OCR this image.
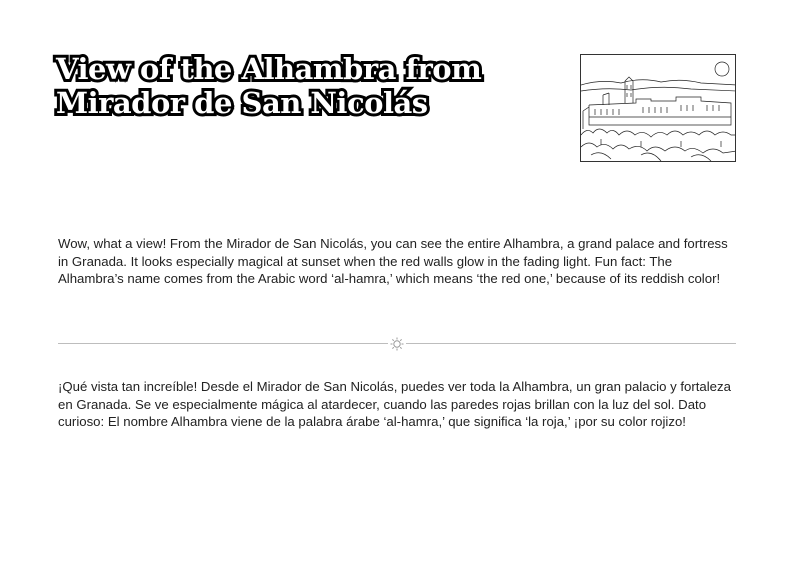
View of the Alhambra from
Mirador de San Nicolás
Wow, what a view! From the Mirador de San Nicolás, you can see the entire Alhambra, a grand palace and fortress in Granada. It looks especially magical at sunset when the red walls glow in the fading light. Fun fact: The Alhambra’s name comes from the Arabic word ‘al-hamra,’ which means ‘the red one,’ because of its reddish color!
¡Qué vista tan increíble! Desde el Mirador de San Nicolás, puedes ver toda la Alhambra, un gran palacio y fortaleza en Granada. Se ve especialmente mágica al atardecer, cuando las paredes rojas brillan con la luz del sol. Dato curioso: El nombre Alhambra viene de la palabra árabe ‘al-hamra,’ que significa ‘la roja,’ ¡por su color rojizo!
